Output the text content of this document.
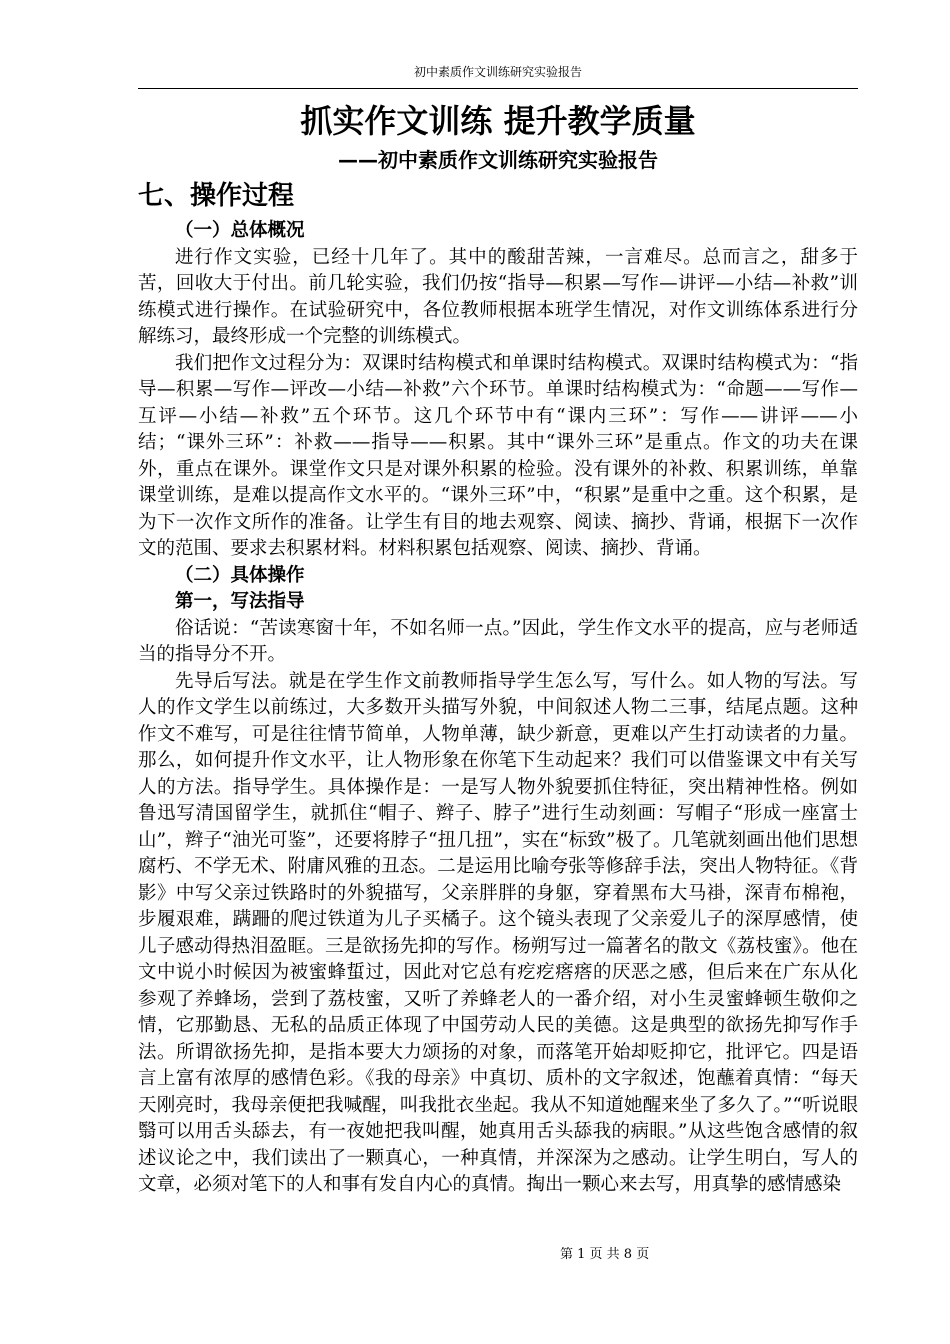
初中素质作文训练研究实验报告
抓实作文训练 提升教学质量
——初中素质作文训练研究实验报告
七、操作过程

（一）总体概况

进行作文实验，已经十几年了。其中的酸甜苦辣，一言难尽。总而言之，甜多于苦，回收大于付出。前几轮实验，我们仍按“指导—积累—写作—讲评—小结—补救”训练模式进行操作。在试验研究中，各位教师根据本班学生情况，对作文训练体系进行分解练习，最终形成一个完整的训练模式。

我们把作文过程分为：双课时结构模式和单课时结构模式。双课时结构模式为：“指导—积累—写作—评改—小结—补救”六个环节。单课时结构模式为：“命题——写作—互评—小结—补救”五个环节。这几个环节中有“课内三环”：写作——讲评——小结；“课外三环”：补救——指导——积累。其中“课外三环”是重点。作文的功夫在课外，重点在课外。课堂作文只是对课外积累的检验。没有课外的补救、积累训练，单靠课堂训练，是难以提高作文水平的。“课外三环”中，“积累”是重中之重。这个积累，是为下一次作文所作的准备。让学生有目的地去观察、阅读、摘抄、背诵，根据下一次作文的范围、要求去积累材料。材料积累包括观察、阅读、摘抄、背诵。

（二）具体操作

第一，写法指导

俗话说：“苦读寒窗十年，不如名师一点。”因此，学生作文水平的提高，应与老师适当的指导分不开。

先导后写法。就是在学生作文前教师指导学生怎么写，写什么。如人物的写法。写人的作文学生以前练过，大多数开头描写外貌，中间叙述人物二三事，结尾点题。这种作文不难写，可是往往情节简单，人物单薄，缺少新意，更难以产生打动读者的力量。那么，如何提升作文水平，让人物形象在你笔下生动起来？我们可以借鉴课文中有关写人的方法。指导学生。具体操作是：一是写人物外貌要抓住特征，突出精神性格。例如鲁迅写清国留学生，就抓住“帽子、辫子、脖子”进行生动刻画：写帽子“形成一座富士山”，辫子“油光可鉴”，还要将脖子“扭几扭”，实在“标致”极了。几笔就刻画出他们思想腐朽、不学无术、附庸风雅的丑态。二是运用比喻夸张等修辞手法，突出人物特征。《背影》中写父亲过铁路时的外貌描写，父亲胖胖的身躯，穿着黑布大马褂，深青布棉袍，步履艰难，蹒跚的爬过铁道为儿子买橘子。这个镜头表现了父亲爱儿子的深厚感情，使儿子感动得热泪盈眶。三是欲扬先抑的写作。杨朔写过一篇著名的散文《荔枝蜜》。他在文中说小时候因为被蜜蜂蜇过，因此对它总有疙疙瘩瘩的厌恶之感，但后来在广东从化参观了养蜂场，尝到了荔枝蜜，又听了养蜂老人的一番介绍，对小生灵蜜蜂顿生敬仰之情，它那勤恳、无私的品质正体现了中国劳动人民的美德。这是典型的欲扬先抑写作手法。所谓欲扬先抑，是指本要大力颂扬的对象，而落笔开始却贬抑它，批评它。四是语言上富有浓厚的感情色彩。《我的母亲》中真切、质朴的文字叙述，饱蘸着真情：“每天天刚亮时，我母亲便把我喊醒，叫我批衣坐起。我从不知道她醒来坐了多久了。”“听说眼翳可以用舌头舔去，有一夜她把我叫醒，她真用舌头舔我的病眼。”从这些饱含感情的叙述议论之中，我们读出了一颗真心，一种真情，并深深为之感动。让学生明白，写人的文章，必须对笔下的人和事有发自内心的真情。掏出一颗心来去写，用真挚的感情感染

第 1 页 共 8 页
